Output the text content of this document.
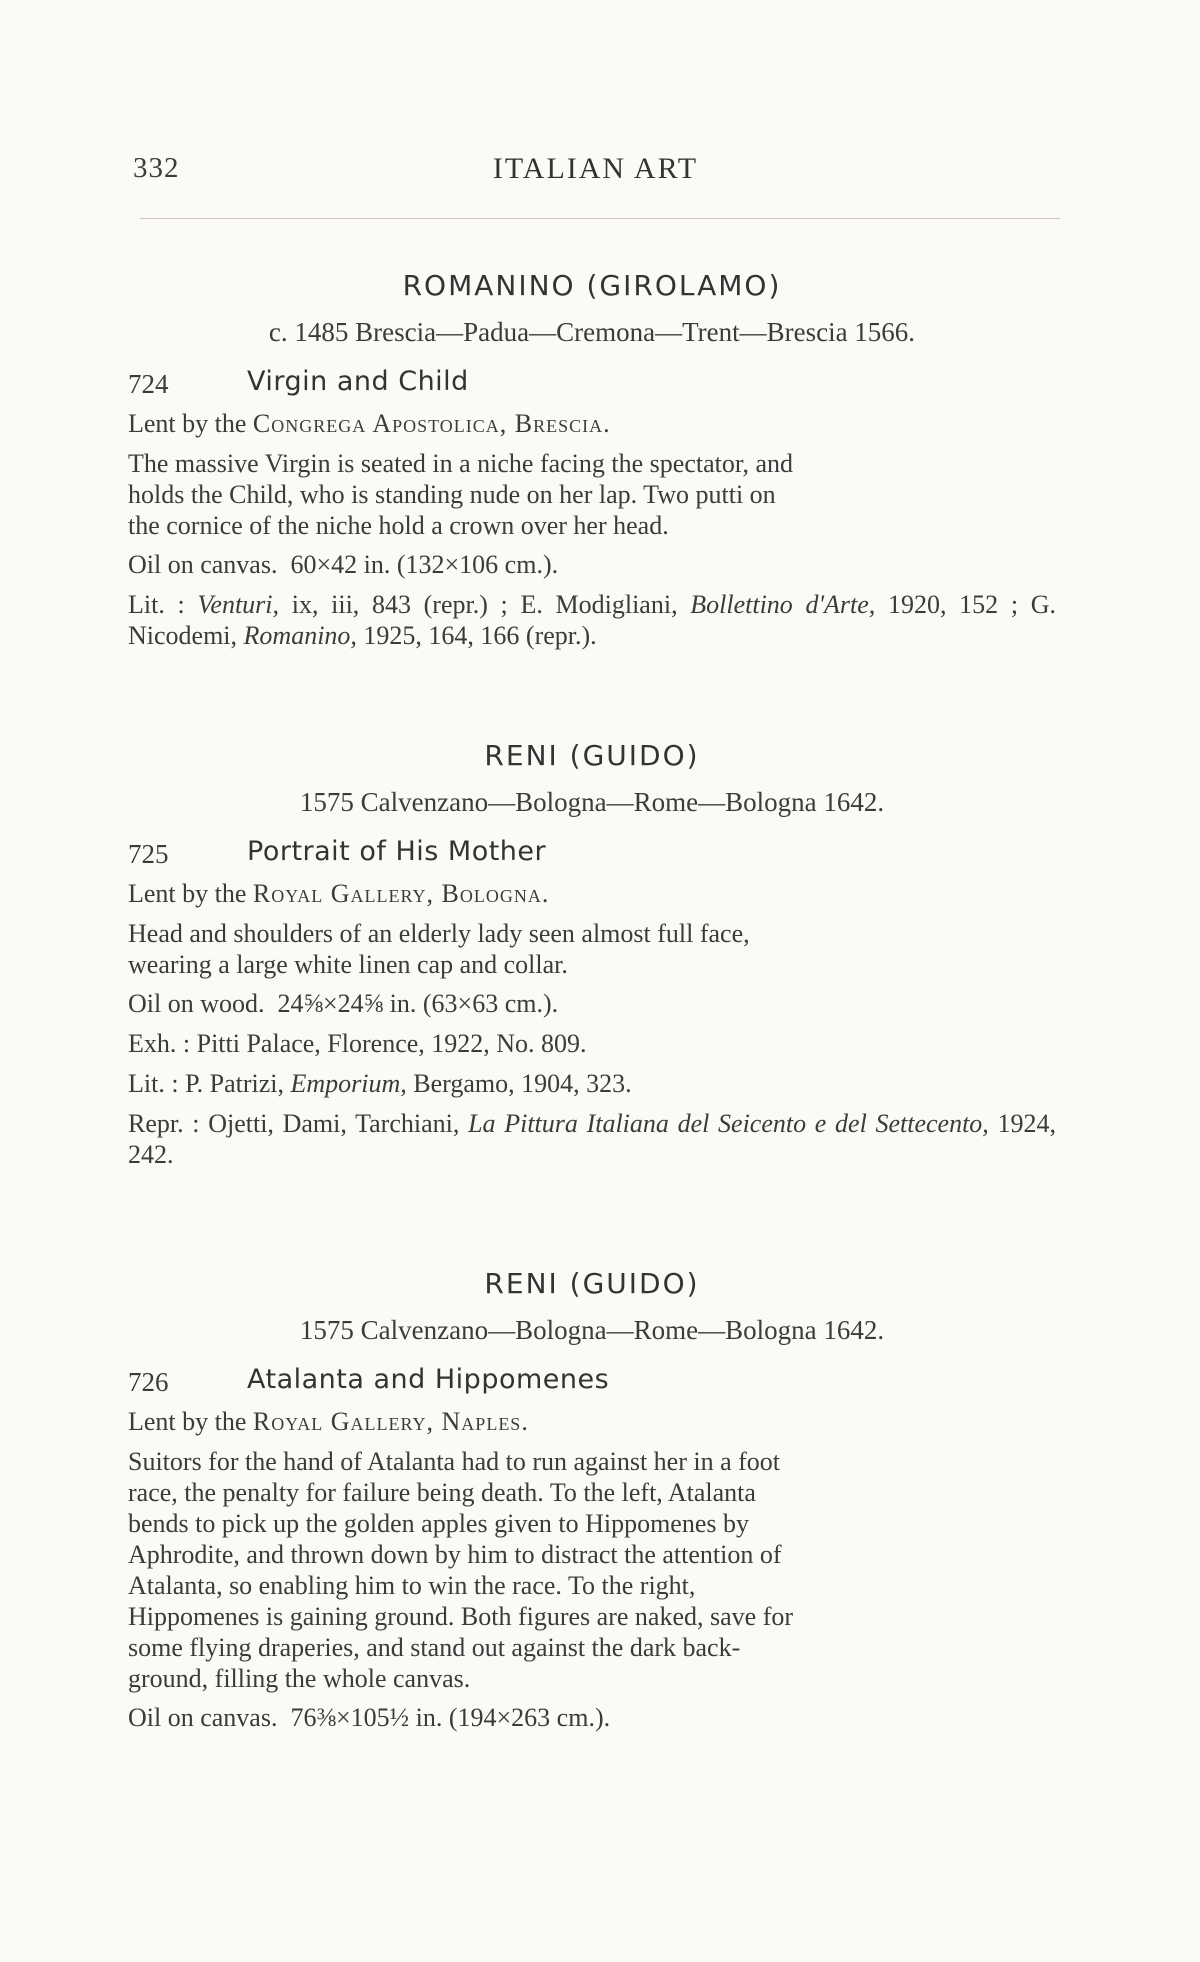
332	ITALIAN ART
ROMANINO (GIROLAMO)
c. 1485 Brescia—Padua—Cremona—Trent—Brescia 1566.
724	Virgin and Child
Lent by the Congrega Apostolica, Brescia.
The massive Virgin is seated in a niche facing the spectator, and
holds the Child, who is standing nude on her lap. Two putti on
the cornice of the niche hold a crown over her head.
Oil on canvas. 60×42 in. (132×106 cm.).
Lit. : Venturi, ix, iii, 843 (repr.) ; E. Modigliani, Bollettino d'Arte, 1920, 152 ; G. Nicodemi, Romanino, 1925, 164, 166 (repr.).
RENI (GUIDO)
1575 Calvenzano—Bologna—Rome—Bologna 1642.
725	Portrait of His Mother
Lent by the Royal Gallery, Bologna.
Head and shoulders of an elderly lady seen almost full face,
wearing a large white linen cap and collar.
Oil on wood. 24⅝×24⅝ in. (63×63 cm.).
Exh. : Pitti Palace, Florence, 1922, No. 809.
Lit. : P. Patrizi, Emporium, Bergamo, 1904, 323.
Repr. : Ojetti, Dami, Tarchiani, La Pittura Italiana del Seicento e del Settecento, 1924, 242.
RENI (GUIDO)
1575 Calvenzano—Bologna—Rome—Bologna 1642.
726	Atalanta and Hippomenes
Lent by the Royal Gallery, Naples.
Suitors for the hand of Atalanta had to run against her in a foot
race, the penalty for failure being death. To the left, Atalanta
bends to pick up the golden apples given to Hippomenes by
Aphrodite, and thrown down by him to distract the attention of
Atalanta, so enabling him to win the race. To the right,
Hippomenes is gaining ground. Both figures are naked, save for
some flying draperies, and stand out against the dark back-
ground, filling the whole canvas.
Oil on canvas. 76⅜×105½ in. (194×263 cm.).
